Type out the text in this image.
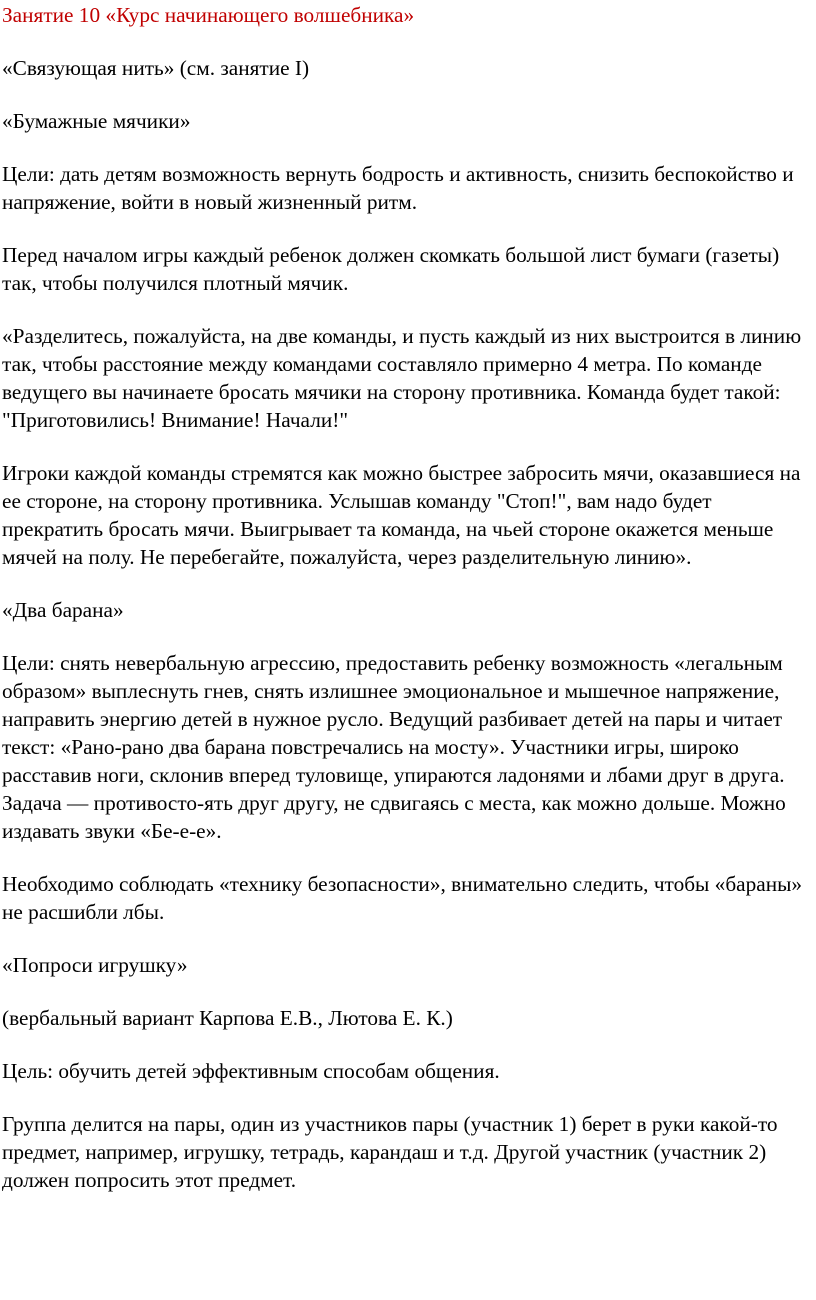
Занятие 10 «Курс начинающего волшебника»

«Связующая нить» (см. занятие I)

«Бумажные мячики»

Цели: дать детям возможность вернуть бодрость и активность, снизить беспокойство и напряжение, войти в новый жизненный ритм.

Перед началом игры каждый ребенок должен скомкать большой лист бумаги (газеты) так, чтобы получился плотный мячик.

«Разделитесь, пожалуйста, на две команды, и пусть каждый из них выстроится в линию так, чтобы расстояние между командами составляло примерно 4 метра. По команде ведущего вы начинаете бросать мячики на сторону противника. Команда будет такой: "Приготовились! Внимание! Начали!"

Игроки каждой команды стремятся как можно быстрее забросить мячи, оказавшиеся на ее стороне, на сторону противника. Услышав команду "Стоп!", вам надо будет прекратить бросать мячи. Выигрывает та команда, на чьей стороне окажется меньше мячей на полу. Не перебегайте, пожалуйста, через разделительную линию».

«Два барана»

Цели: снять невербальную агрессию, предоставить ребенку возможность «легальным образом» выплеснуть гнев, снять излишнее эмоциональное и мышечное напряжение, направить энергию детей в нужное русло. Ведущий разбивает детей на пары и читает текст: «Рано-рано два барана повстречались на мосту». Участники игры, широко расставив ноги, склонив вперед туловище, упираются ладонями и лбами друг в друга. Задача — противосто-ять друг другу, не сдвигаясь с места, как можно дольше. Можно издавать звуки «Бе-е-е».

Необходимо соблюдать «технику безопасности», внимательно следить, чтобы «бараны» не расшибли лбы.

«Попроси игрушку»

(вербальный вариант Карпова Е.В., Лютова Е. К.)

Цель: обучить детей эффективным способам общения.

Группа делится на пары, один из участников пары (участник 1) берет в руки какой-то предмет, например, игрушку, тетрадь, карандаш и т.д. Другой участник (участник 2) должен попросить этот предмет.
